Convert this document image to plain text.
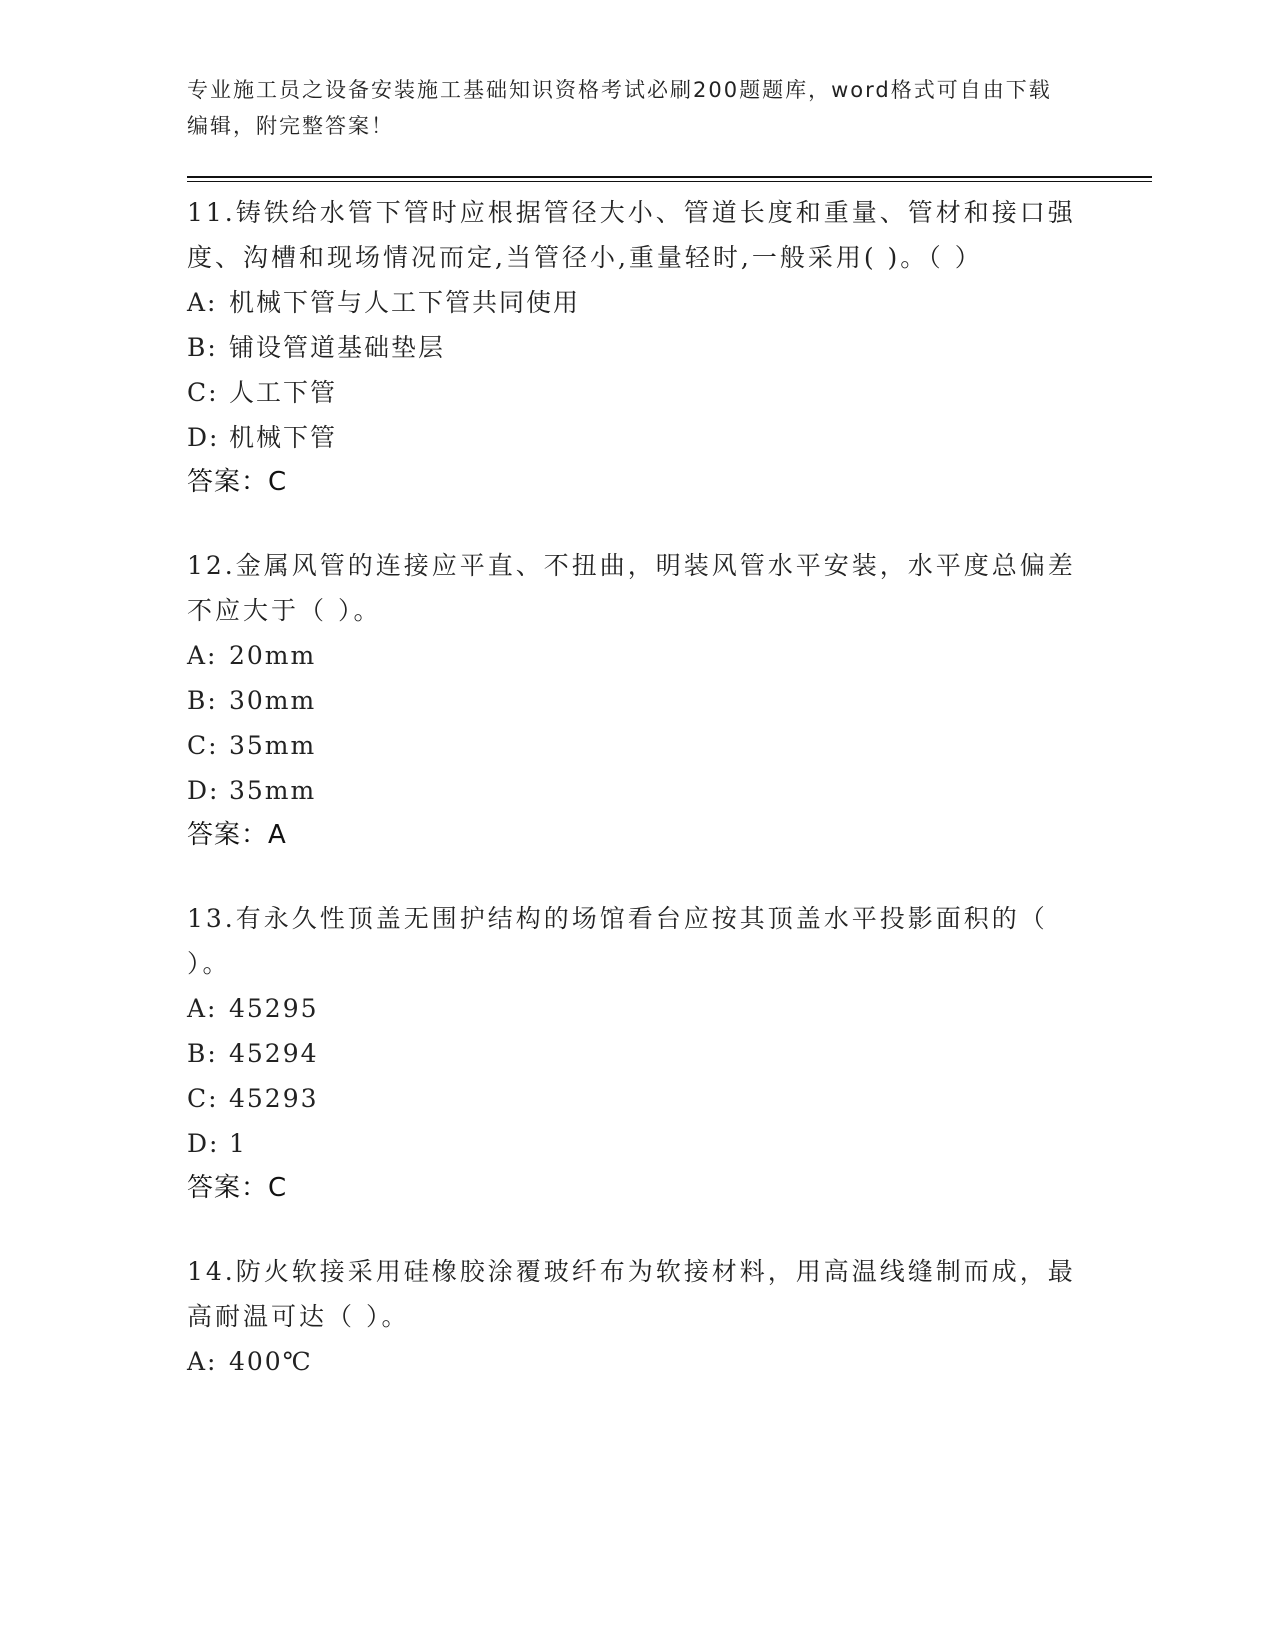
专业施工员之设备安装施工基础知识资格考试必刷200题题库，word格式可自由下载编辑，附完整答案！

11.铸铁给水管下管时应根据管径大小、管道长度和重量、管材和接口强度、沟槽和现场情况而定,当管径小,重量轻时,一般采用( )。（ ）

A: 机械下管与人工下管共同使用
B: 铺设管道基础垫层
C: 人工下管
D: 机械下管
答案：C

12.金属风管的连接应平直、不扭曲，明装风管水平安装，水平度总偏差不应大于（ ）。

A: 20mm
B: 30mm
C: 35mm
D: 35mm
答案：A

13.有永久性顶盖无围护结构的场馆看台应按其顶盖水平投影面积的（ ）。

A: 45295
B: 45294
C: 45293
D: 1
答案：C

14.防火软接采用硅橡胶涂覆玻纤布为软接材料，用高温线缝制而成，最高耐温可达（ ）。

A: 400℃
